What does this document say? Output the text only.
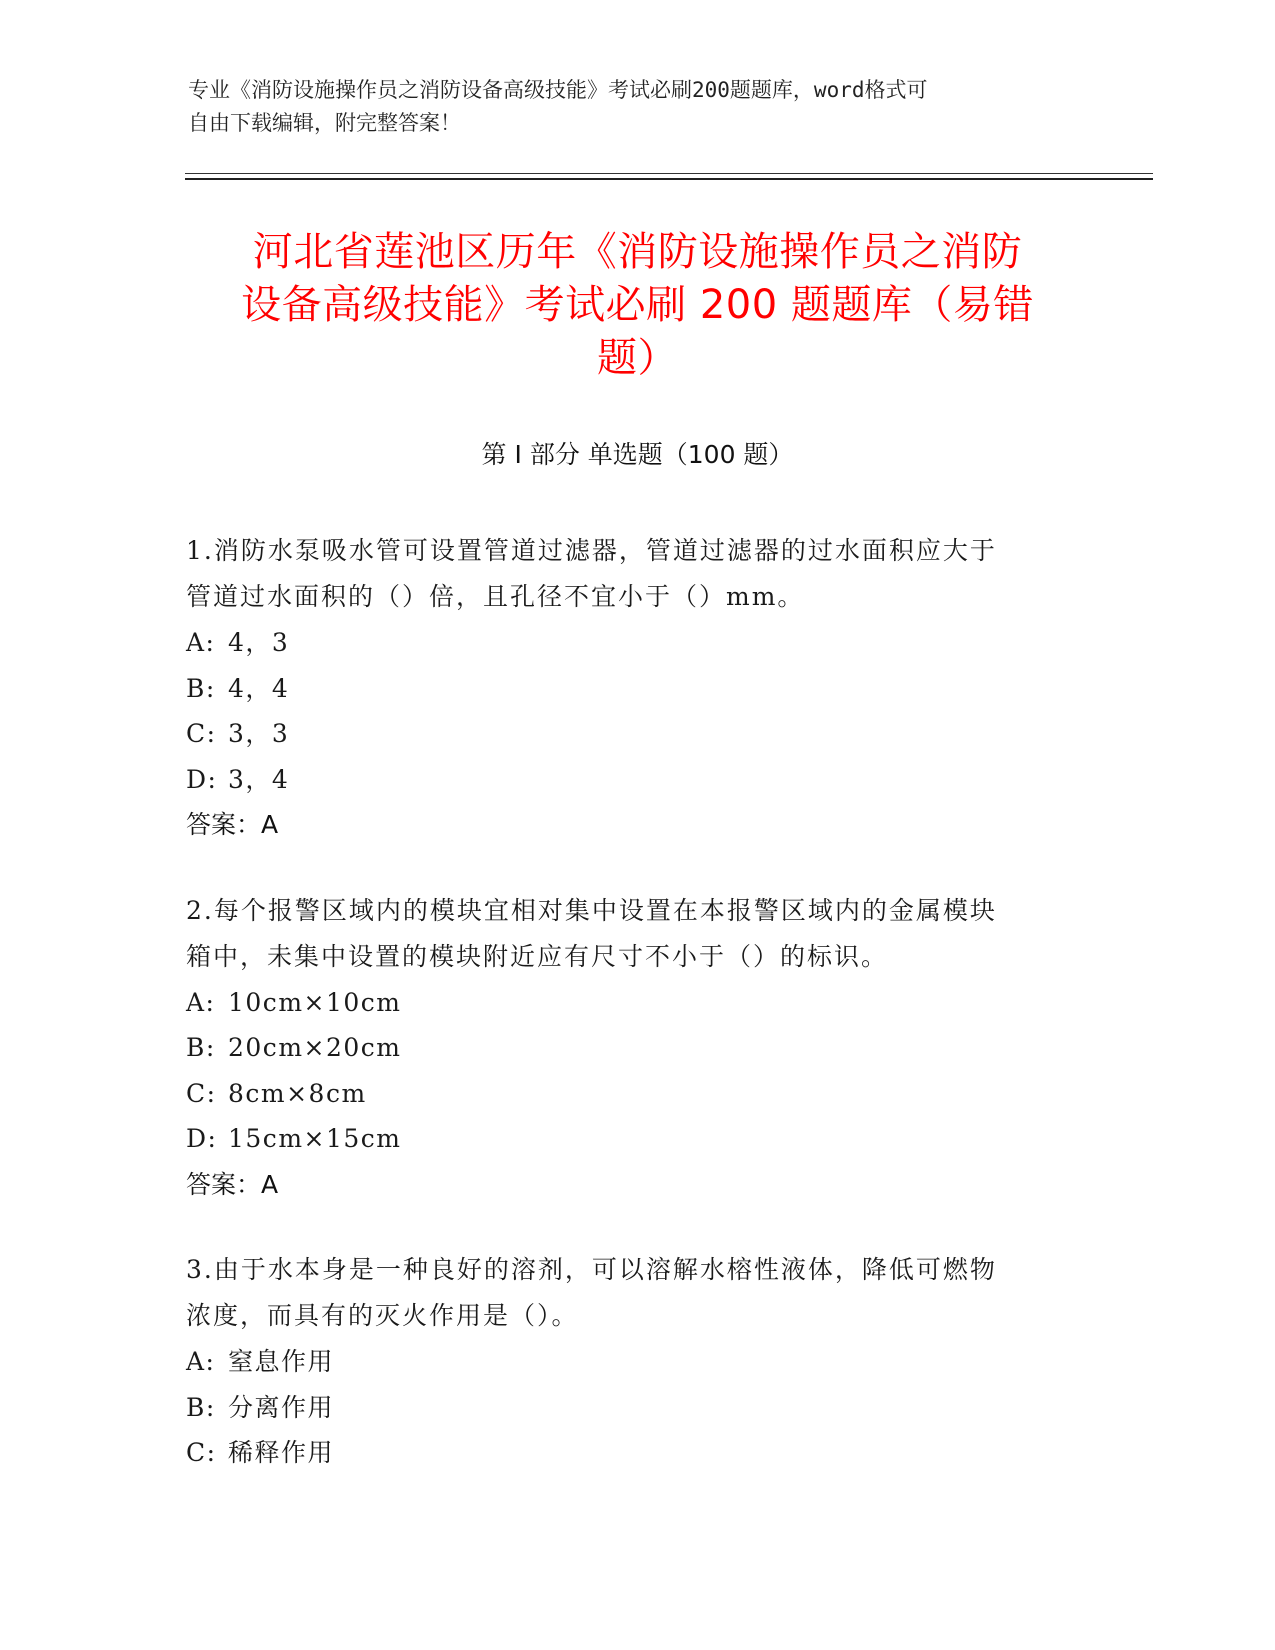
专业《消防设施操作员之消防设备高级技能》考试必刷200题题库，word格式可
自由下载编辑，附完整答案！
河北省莲池区历年《消防设施操作员之消防
设备高级技能》考试必刷 200 题题库（易错
题）
第 I 部分 单选题（100 题）
1.消防水泵吸水管可设置管道过滤器，管道过滤器的过水面积应大于
管道过水面积的（）倍，且孔径不宜小于（）mm。
A: 4，3
B: 4，4
C: 3，3
D: 3，4
答案：A
2.每个报警区域内的模块宜相对集中设置在本报警区域内的金属模块
箱中，未集中设置的模块附近应有尺寸不小于（）的标识。
A: 10cm×10cm
B: 20cm×20cm
C: 8cm×8cm
D: 15cm×15cm
答案：A
3.由于水本身是一种良好的溶剂，可以溶解水榕性液体，降低可燃物
浓度，而具有的灭火作用是（）。
A: 窒息作用
B: 分离作用
C: 稀释作用
